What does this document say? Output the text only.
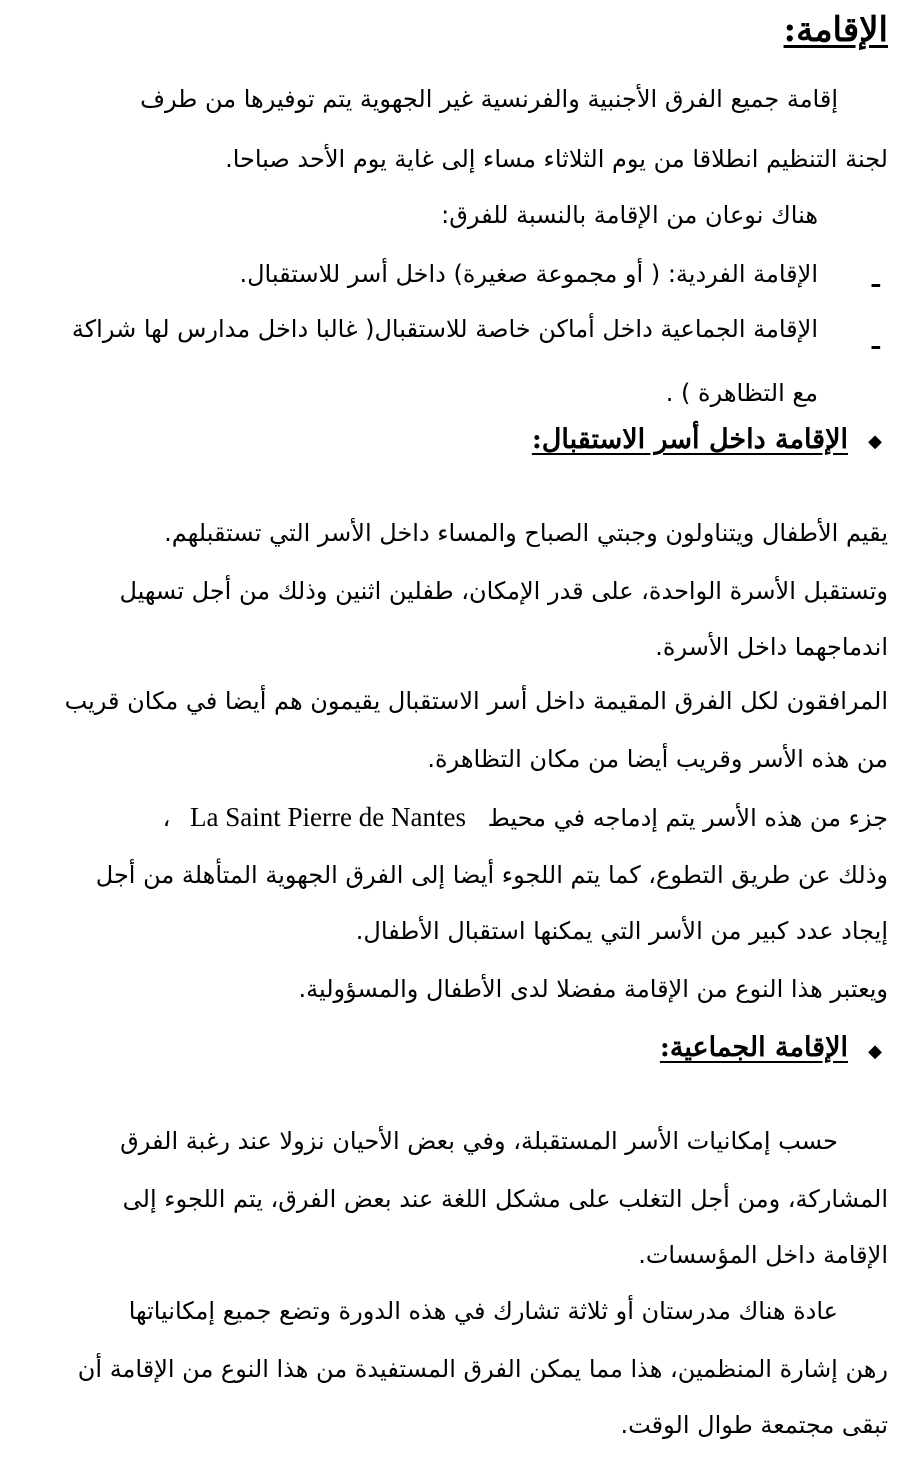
الإقامة:
إقامة جميع الفرق الأجنبية والفرنسية غير الجهوية يتم توفيرها من طرف
لجنة التنظيم انطلاقا من يوم الثلاثاء مساء إلى غاية يوم الأحد صباحا.
هناك نوعان من الإقامة بالنسبة للفرق:
ـ
الإقامة الفردية: ( أو مجموعة صغيرة) داخل أسر للاستقبال.
ـ
الإقامة الجماعية داخل أماكن خاصة للاستقبال( غالبا داخل مدارس لها شراكة
مع التظاهرة ) .
◆
الإقامة داخل أسر الاستقبال:
يقيم الأطفال ويتناولون وجبتي الصباح والمساء داخل الأسر التي تستقبلهم.
وتستقبل الأسرة الواحدة، على قدر الإمكان، طفلين اثنين وذلك من أجل تسهيل
اندماجهما داخل الأسرة.
المرافقون لكل الفرق المقيمة داخل أسر الاستقبال يقيمون هم أيضا في مكان قريب
من هذه الأسر وقريب أيضا من مكان التظاهرة.
جزء من هذه الأسر يتم إدماجه في محيط La Saint Pierre de Nantes ،
وذلك عن طريق التطوع، كما يتم اللجوء أيضا إلى الفرق الجهوية المتأهلة من أجل
إيجاد عدد كبير من الأسر التي يمكنها استقبال الأطفال.
ويعتبر هذا النوع من الإقامة مفضلا لدى الأطفال والمسؤولية.
◆
الإقامة الجماعية:
حسب إمكانيات الأسر المستقبلة، وفي بعض الأحيان نزولا عند رغبة الفرق
المشاركة، ومن أجل التغلب على مشكل اللغة عند بعض الفرق، يتم اللجوء إلى
الإقامة داخل المؤسسات.
عادة هناك مدرستان أو ثلاثة تشارك في هذه الدورة وتضع جميع إمكانياتها
رهن إشارة المنظمين، هذا مما يمكن الفرق المستفيدة من هذا النوع من الإقامة أن
تبقى مجتمعة طوال الوقت.
